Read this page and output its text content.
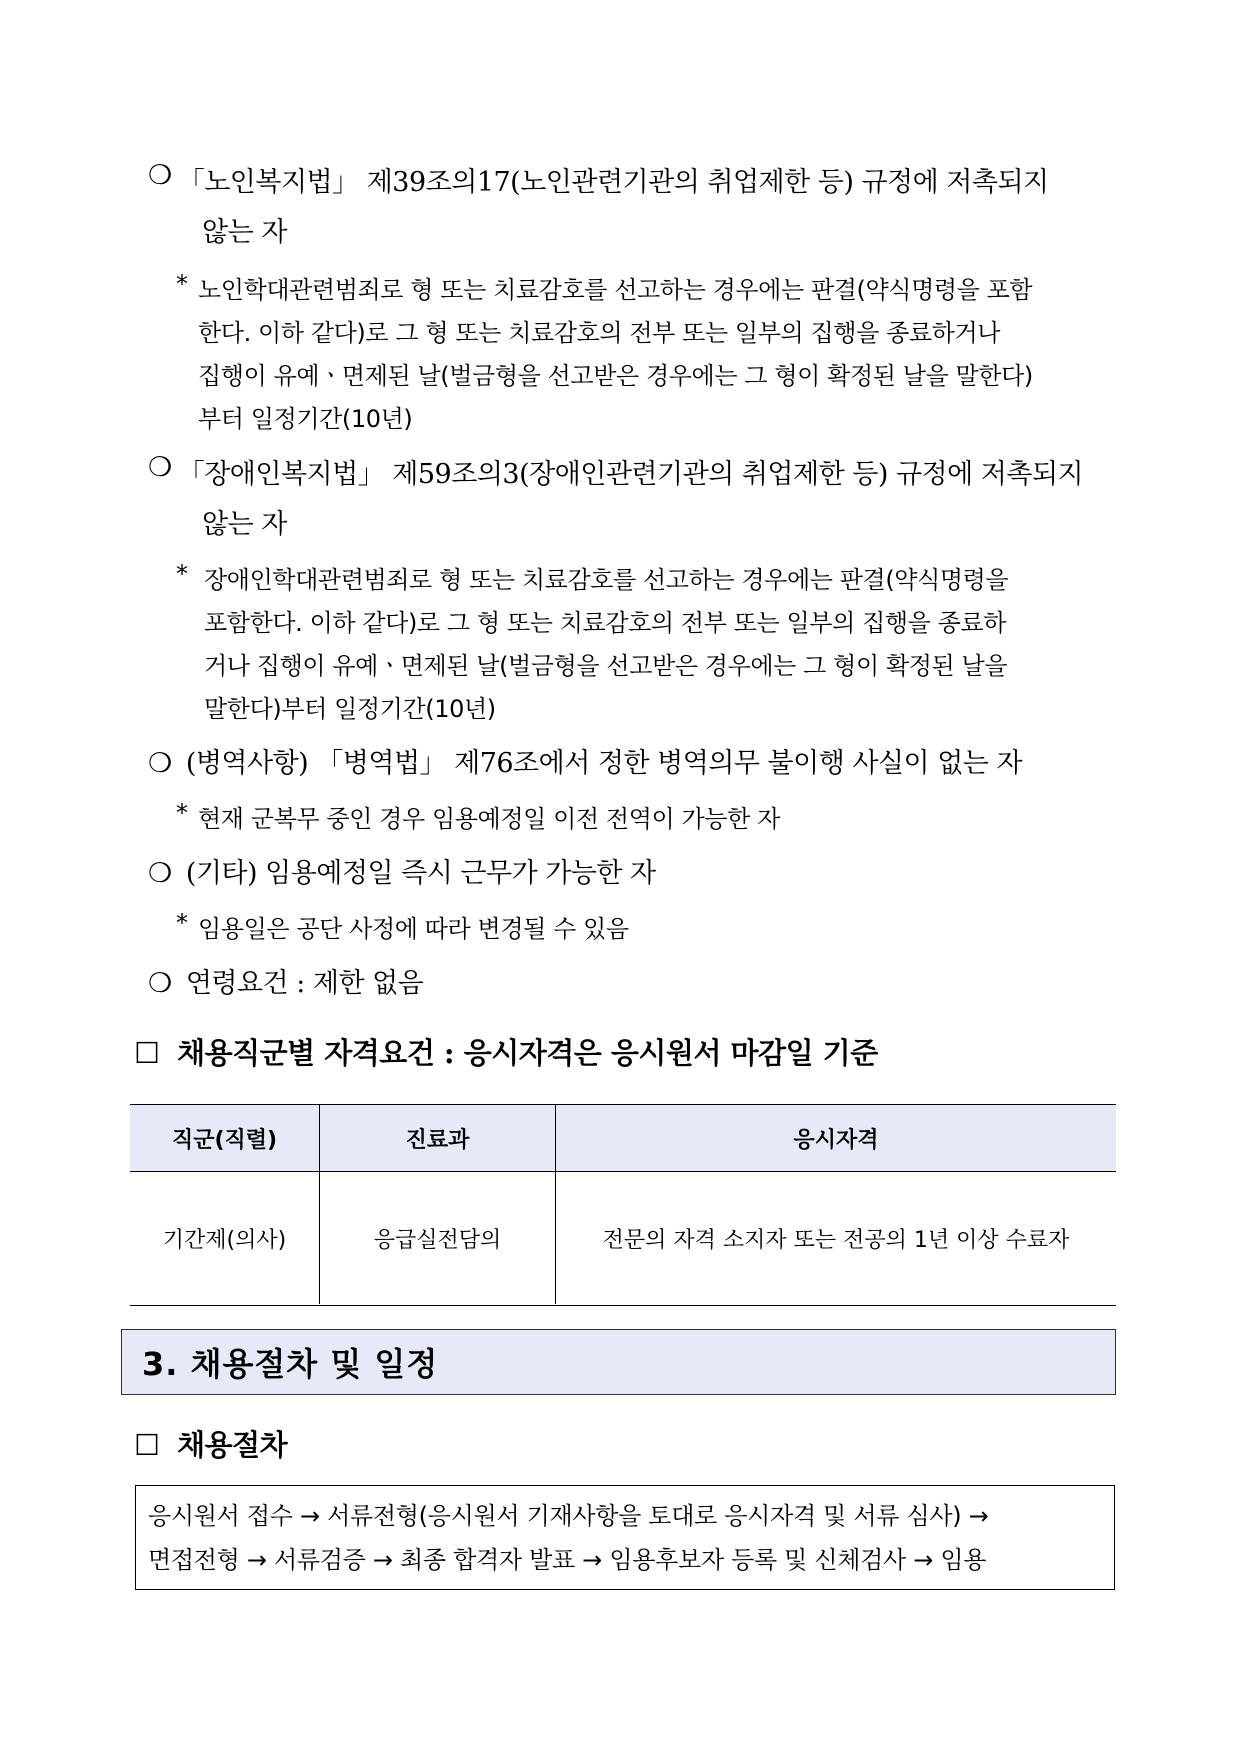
❍ 「노인복지법」 제39조의17(노인관련기관의 취업제한 등) 규정에 저촉되지
않는 자
* 노인학대관련범죄로 형 또는 치료감호를 선고하는 경우에는 판결(약식명령을 포함
한다. 이하 같다)로 그 형 또는 치료감호의 전부 또는 일부의 집행을 종료하거나
집행이 유예ㆍ면제된 날(벌금형을 선고받은 경우에는 그 형이 확정된 날을 말한다)
부터 일정기간(10년)
❍ 「장애인복지법」 제59조의3(장애인관련기관의 취업제한 등) 규정에 저촉되지
않는 자
* 장애인학대관련범죄로 형 또는 치료감호를 선고하는 경우에는 판결(약식명령을
포함한다. 이하 같다)로 그 형 또는 치료감호의 전부 또는 일부의 집행을 종료하
거나 집행이 유예ㆍ면제된 날(벌금형을 선고받은 경우에는 그 형이 확정된 날을
말한다)부터 일정기간(10년)
❍ (병역사항) 「병역법」 제76조에서 정한 병역의무 불이행 사실이 없는 자
* 현재 군복무 중인 경우 임용예정일 이전 전역이 가능한 자
❍ (기타) 임용예정일 즉시 근무가 가능한 자
* 임용일은 공단 사정에 따라 변경될 수 있음
❍ 연령요건 : 제한 없음
☐ 채용직군별 자격요건 : 응시자격은 응시원서 마감일 기준
직군(직렬)	진료과	응시자격
기간제(의사)	응급실전담의	전문의 자격 소지자 또는 전공의 1년 이상 수료자
3. 채용절차 및 일정
☐ 채용절차
응시원서 접수 → 서류전형(응시원서 기재사항을 토대로 응시자격 및 서류 심사) →
면접전형 → 서류검증 → 최종 합격자 발표 → 임용후보자 등록 및 신체검사 → 임용
